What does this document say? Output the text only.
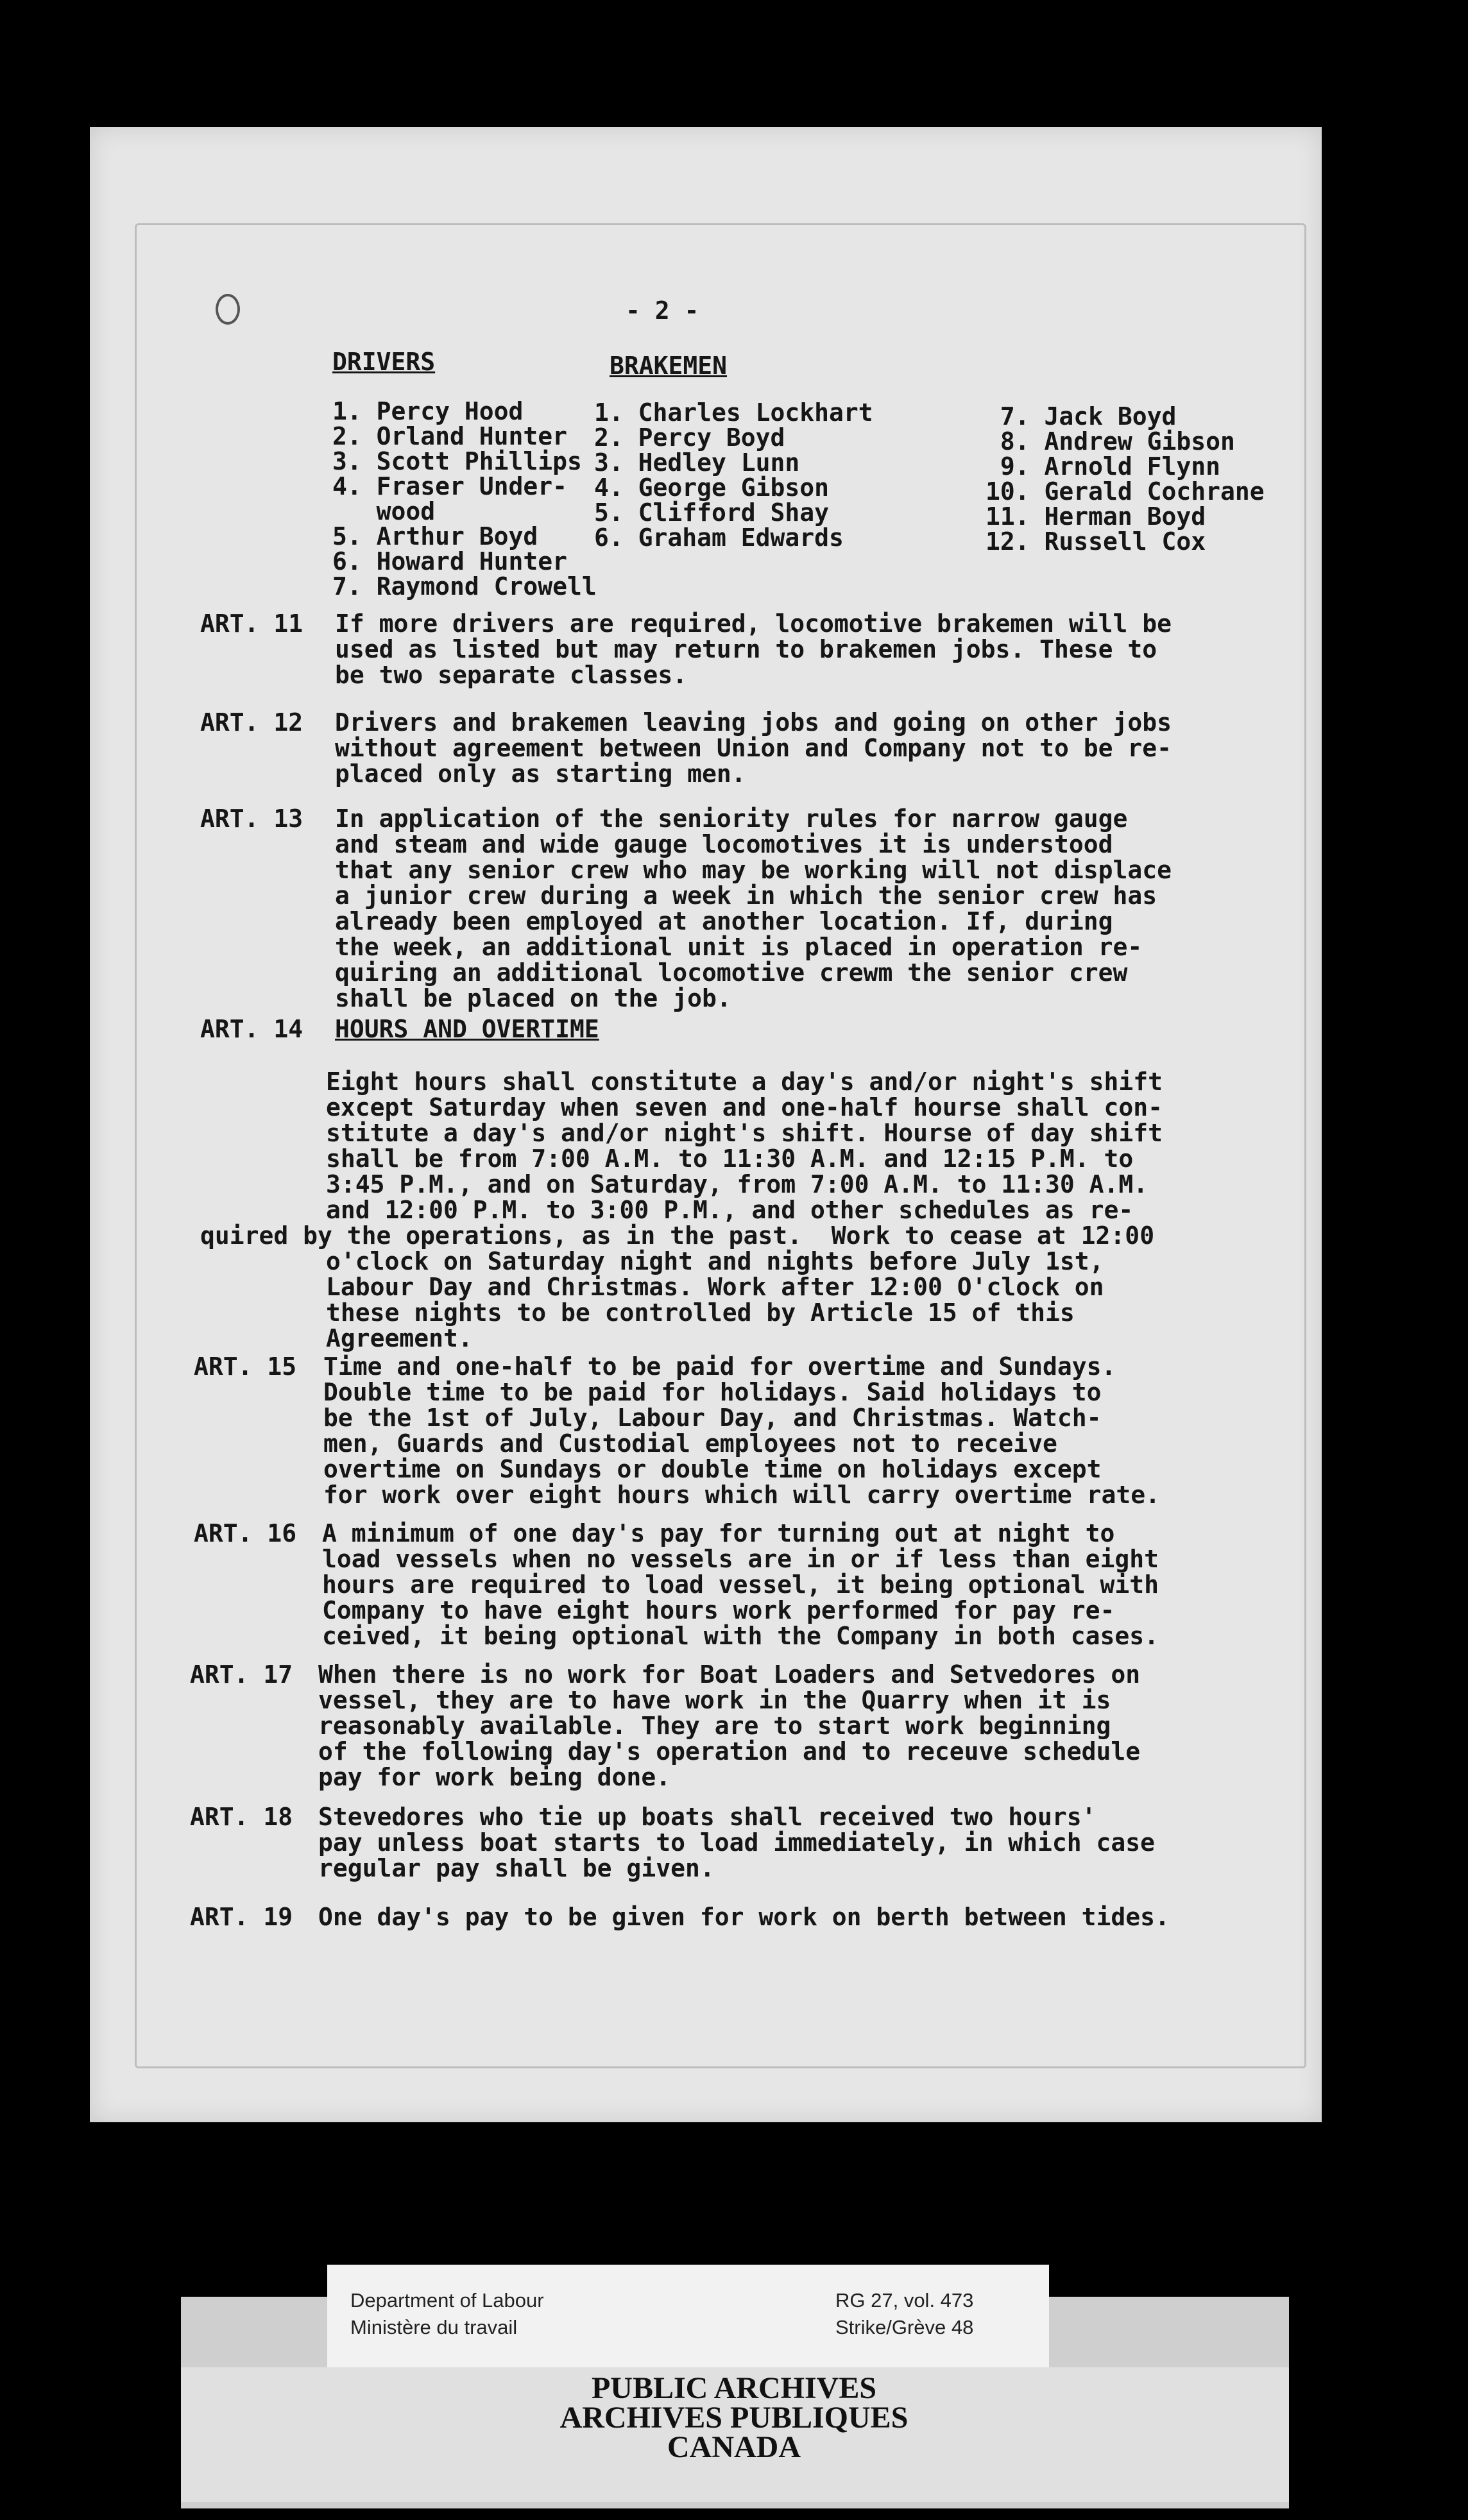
- 2 -
DRIVERS	BRAKEMEN
1. Percy Hood
2. Orland Hunter
3. Scott Phillips
4. Fraser Under-
wood
5. Arthur Boyd
6. Howard Hunter
7. Raymond Crowell
1. Charles Lockhart
2. Percy Boyd
3. Hedley Lunn
4. George Gibson
5. Clifford Shay
6. Graham Edwards
7. Jack Boyd
8. Andrew Gibson
9. Arnold Flynn
10. Gerald Cochrane
11. Herman Boyd
12. Russell Cox
ART. 11 If more drivers are required, locomotive brakemen will be
used as listed but may return to brakemen jobs. These to
be two separate classes.
ART. 12 Drivers and brakemen leaving jobs and going on other jobs
without agreement between Union and Company not to be re-
placed only as starting men.
ART. 13 In application of the seniority rules for narrow gauge
and steam and wide gauge locomotives it is understood
that any senior crew who may be working will not displace
a junior crew during a week in which the senior crew has
already been employed at another location. If, during
the week, an additional unit is placed in operation re-
quiring an additional locomotive crewm the senior crew
shall be placed on the job.
ART. 14 HOURS AND OVERTIME
Eight hours shall constitute a day's and/or night's shift
except Saturday when seven and one-half hourse shall con-
stitute a day's and/or night's shift. Hourse of day shift
shall be from 7:00 A.M. to 11:30 A.M. and 12:15 P.M. to
3:45 P.M., and on Saturday, from 7:00 A.M. to 11:30 A.M.
and 12:00 P.M. to 3:00 P.M., and other schedules as re-
quired by the operations, as in the past.  Work to cease at 12:00
o'clock on Saturday night and nights before July 1st,
Labour Day and Christmas. Work after 12:00 O'clock on
these nights to be controlled by Article 15 of this
Agreement.
ART. 15 Time and one-half to be paid for overtime and Sundays.
Double time to be paid for holidays. Said holidays to
be the 1st of July, Labour Day, and Christmas. Watch-
men, Guards and Custodial employees not to receive
overtime on Sundays or double time on holidays except
for work over eight hours which will carry overtime rate.
ART. 16 A minimum of one day's pay for turning out at night to
load vessels when no vessels are in or if less than eight
hours are required to load vessel, it being optional with
Company to have eight hours work performed for pay re-
ceived, it being optional with the Company in both cases.
ART. 17 When there is no work for Boat Loaders and Setvedores on
vessel, they are to have work in the Quarry when it is
reasonably available. They are to start work beginning
of the following day's operation and to receuve schedule
pay for work being done.
ART. 18 Stevedores who tie up boats shall received two hours'
pay unless boat starts to load immediately, in which case
regular pay shall be given.
ART. 19 One day's pay to be given for work on berth between tides.
Department of Labour
Ministère du travail
RG 27, vol. 473
Strike/Grève 48
PUBLIC ARCHIVES
ARCHIVES PUBLIQUES
CANADA
